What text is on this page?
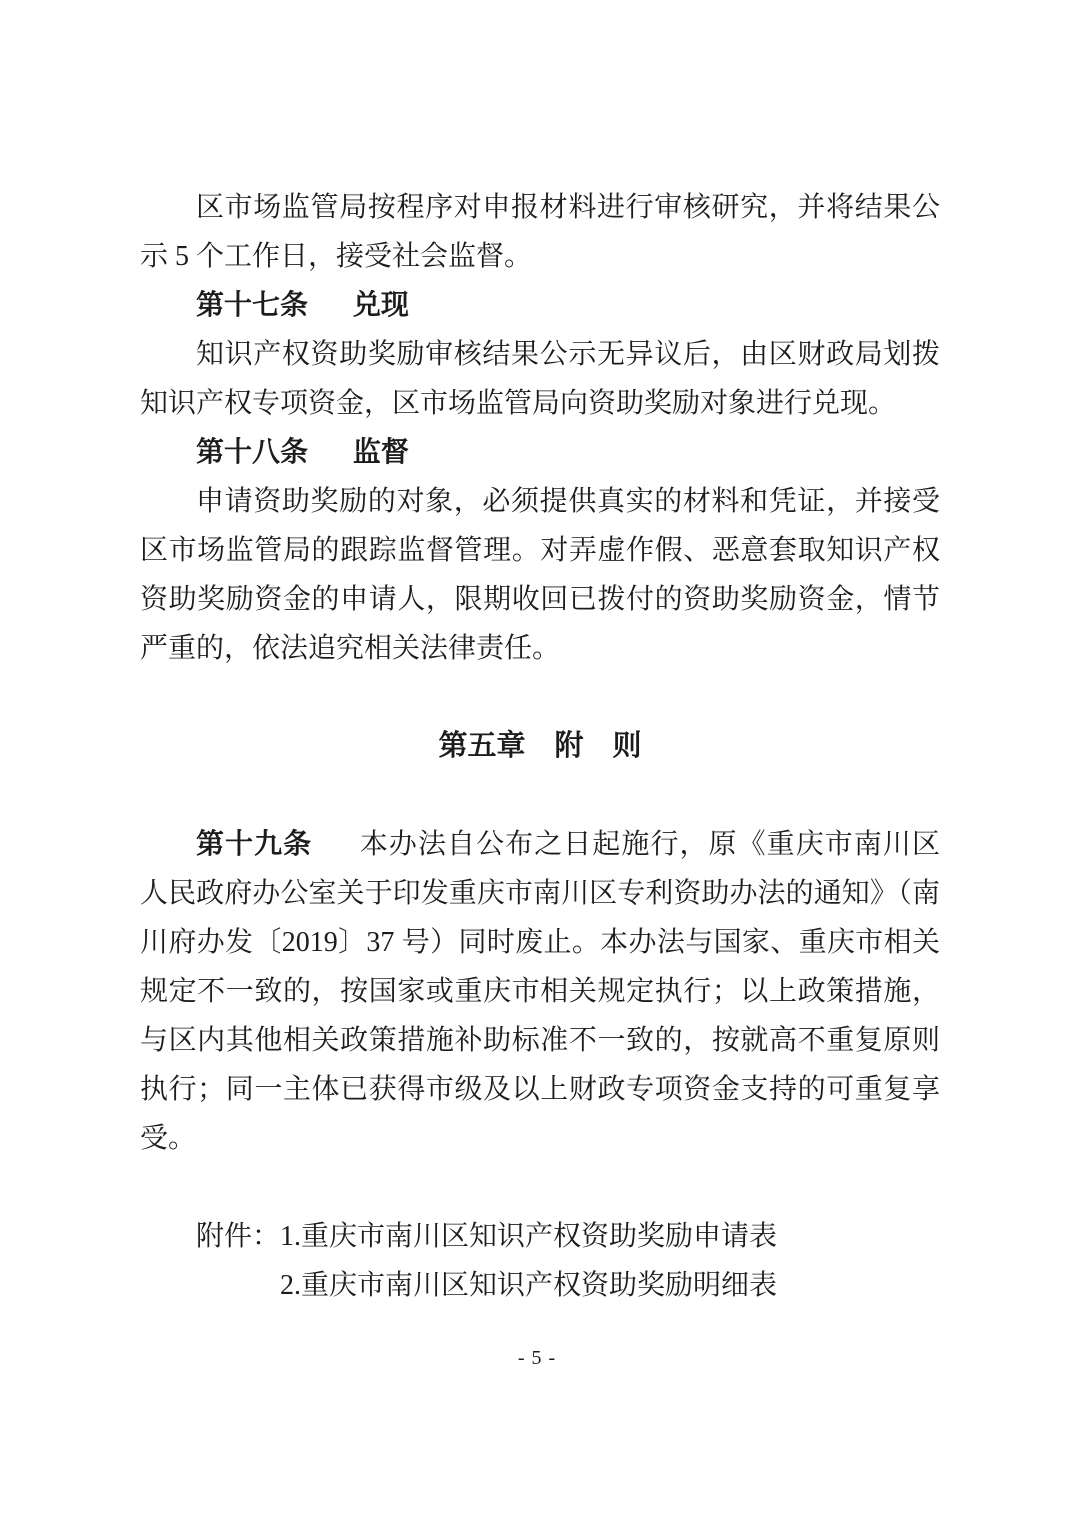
区市场监管局按程序对申报材料进行审核研究，并将结果公示 5 个工作日，接受社会监督。

第十七条 兑现

知识产权资助奖励审核结果公示无异议后，由区财政局划拨知识产权专项资金，区市场监管局向资助奖励对象进行兑现。

第十八条 监督

申请资助奖励的对象，必须提供真实的材料和凭证，并接受区市场监管局的跟踪监督管理。对弄虚作假、恶意套取知识产权资助奖励资金的申请人，限期收回已拨付的资助奖励资金，情节严重的，依法追究相关法律责任。

第五章　附　则

第十九条 本办法自公布之日起施行，原《重庆市南川区人民政府办公室关于印发重庆市南川区专利资助办法的通知》（南川府办发〔2019〕37 号）同时废止。本办法与国家、重庆市相关规定不一致的，按国家或重庆市相关规定执行；以上政策措施，与区内其他相关政策措施补助标准不一致的，按就高不重复原则执行；同一主体已获得市级及以上财政专项资金支持的可重复享受。

附件：1.重庆市南川区知识产权资助奖励申请表

2.重庆市南川区知识产权资助奖励明细表

- 5 -
